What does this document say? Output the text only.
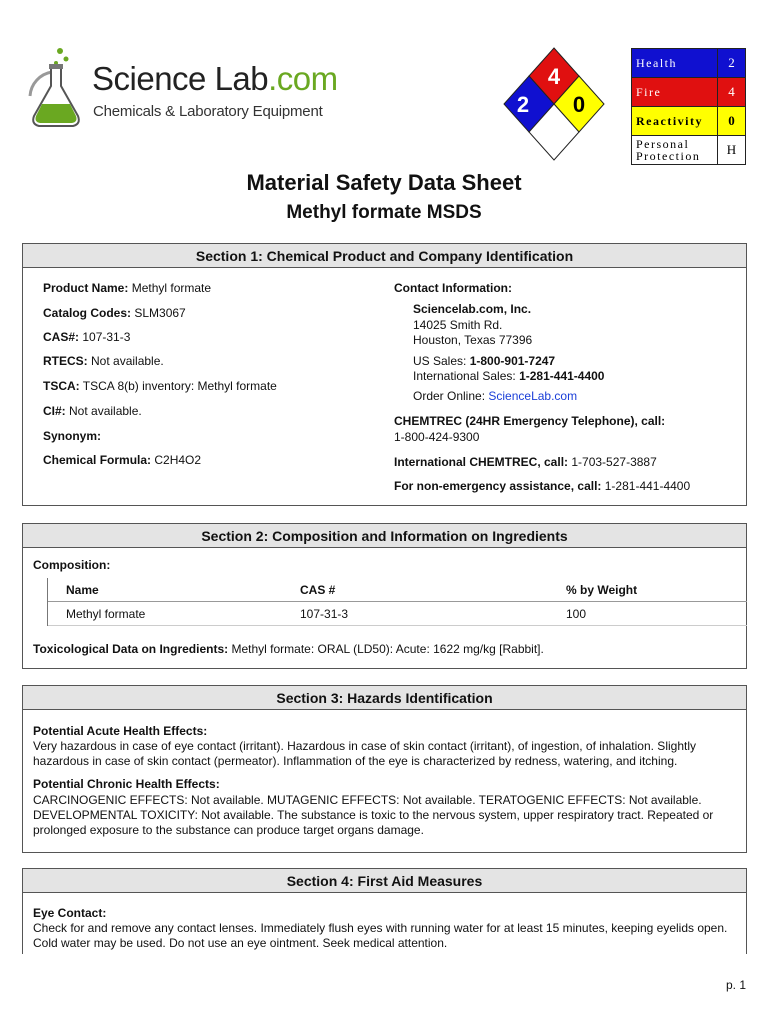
Science Lab.com
Chemicals & Laboratory Equipment
4
2 0
Health	2
Fire	4
Reactivity	0
Personal
Protection	H
Material Safety Data Sheet
Methyl formate MSDS
Section 1: Chemical Product and Company Identification
Product Name: Methyl formate
Catalog Codes: SLM3067
CAS#: 107-31-3
RTECS: Not available.
TSCA: TSCA 8(b) inventory: Methyl formate
CI#: Not available.
Synonym:
Chemical Formula: C2H4O2
Contact Information:
Sciencelab.com, Inc.
14025 Smith Rd.
Houston, Texas 77396
US Sales: 1-800-901-7247
International Sales: 1-281-441-4400
Order Online: ScienceLab.com
CHEMTREC (24HR Emergency Telephone), call:
1-800-424-9300
International CHEMTREC, call: 1-703-527-3887
For non-emergency assistance, call: 1-281-441-4400
Section 2: Composition and Information on Ingredients
Composition:
Name	CAS #	% by Weight
Methyl formate	107-31-3	100
Toxicological Data on Ingredients: Methyl formate: ORAL (LD50): Acute: 1622 mg/kg [Rabbit].
Section 3: Hazards Identification
Potential Acute Health Effects:
Very hazardous in case of eye contact (irritant). Hazardous in case of skin contact (irritant), of ingestion, of inhalation. Slightly hazardous in case of skin contact (permeator). Inflammation of the eye is characterized by redness, watering, and itching.
Potential Chronic Health Effects:
CARCINOGENIC EFFECTS: Not available. MUTAGENIC EFFECTS: Not available. TERATOGENIC EFFECTS: Not available. DEVELOPMENTAL TOXICITY: Not available. The substance is toxic to the nervous system, upper respiratory tract. Repeated or prolonged exposure to the substance can produce target organs damage.
Section 4: First Aid Measures
Eye Contact:
Check for and remove any contact lenses. Immediately flush eyes with running water for at least 15 minutes, keeping eyelids open. Cold water may be used. Do not use an eye ointment. Seek medical attention.
p. 1
